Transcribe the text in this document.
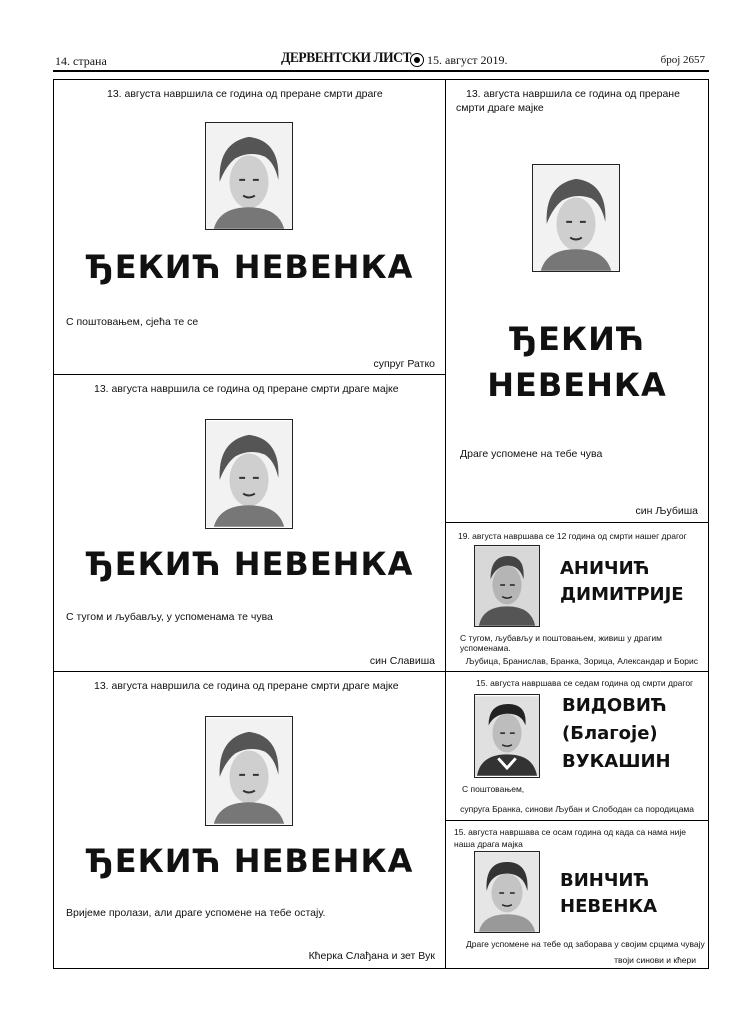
14. страна	ДЕРВЕНТСКИ ЛИСТ 15. август 2019.	број 2657
13. августа навршила се година од преране смрти драге
ЂЕКИЋ НЕВЕНКА
С поштовањем, сјећа те се
супруг Ратко
13. августа навршила се година од преране смрти драге мајке
ЂЕКИЋ НЕВЕНКА
С тугом и љубављу, у успоменама те чува
син Славиша
13. августа навршила се година од преране смрти драге мајке
ЂЕКИЋ НЕВЕНКА
Вријеме пролази, али драге успомене на тебе остају.
Кћерка Слађана и зет Вук
13. августа навршила се година од преране
смрти драге мајке
ЂЕКИЋ
НЕВЕНКА
Драге успомене на тебе чува
син Љубиша
19. августа навршава се 12 година од смрти нашег драгог
АНИЧИЋ
ДИМИТРИЈЕ
С тугом, љубављу и поштовањем, живиш у драгим успоменама.
Љубица, Бранислав, Бранка, Зорица, Александар и Борис
15. августа навршава се седам година од смрти драгог
ВИДОВИЋ
(Благоје)
ВУКАШИН
С поштовањем,
супруга Бранка, синови Љубан и Слободан са породицама
15. августа навршава се осам година од када са нама није
наша драга мајка
ВИНЧИЋ
НЕВЕНКА
Драге успомене на тебе од заборава у својим срцима чувају
твоји синови и кћери
